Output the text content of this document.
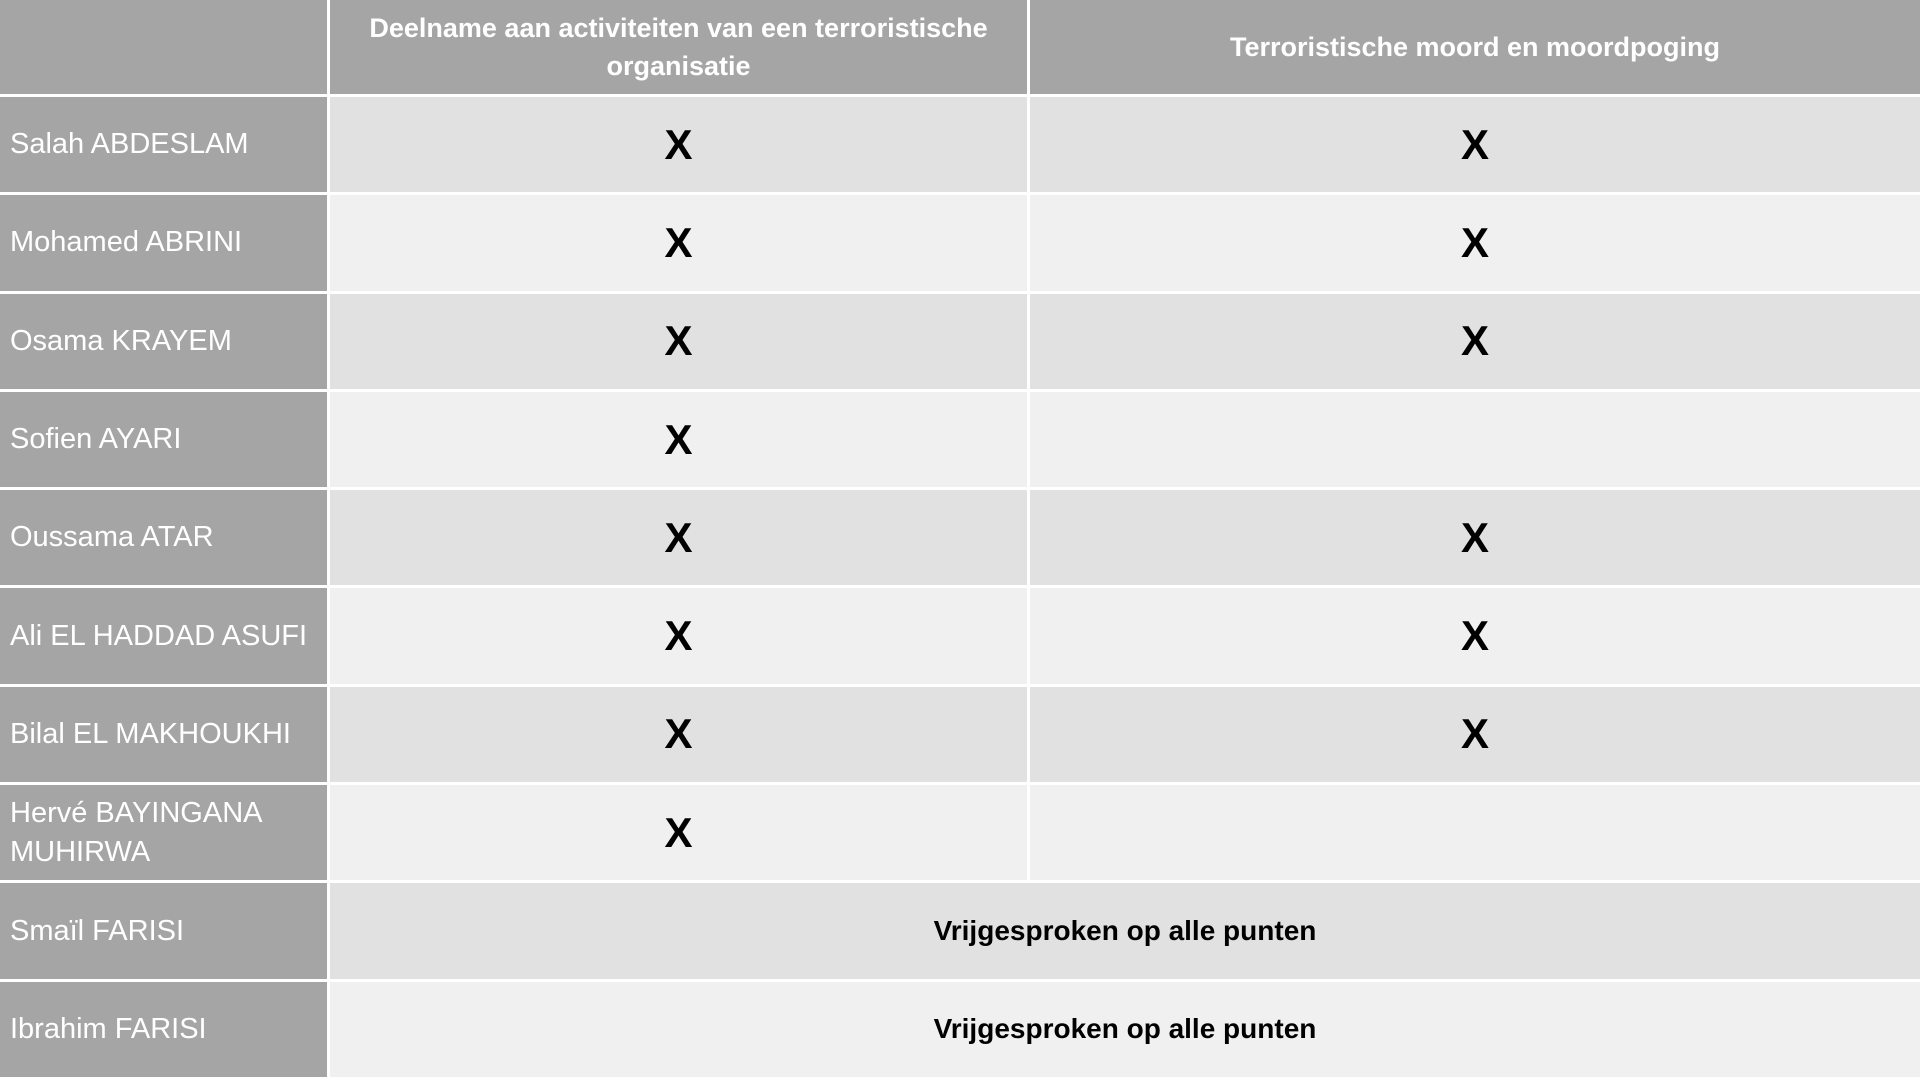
	Deelname aan activiteiten van een terroristische organisatie	Terroristische moord en moordpoging
Salah ABDESLAM	X	X
Mohamed ABRINI	X	X
Osama KRAYEM	X	X
Sofien AYARI	X	
Oussama ATAR	X	X
Ali EL HADDAD ASUFI	X	X
Bilal EL MAKHOUKHI	X	X
Hervé BAYINGANA MUHIRWA	X	
Smaïl FARISI	Vrijgesproken op alle punten	
Ibrahim FARISI	Vrijgesproken op alle punten	
